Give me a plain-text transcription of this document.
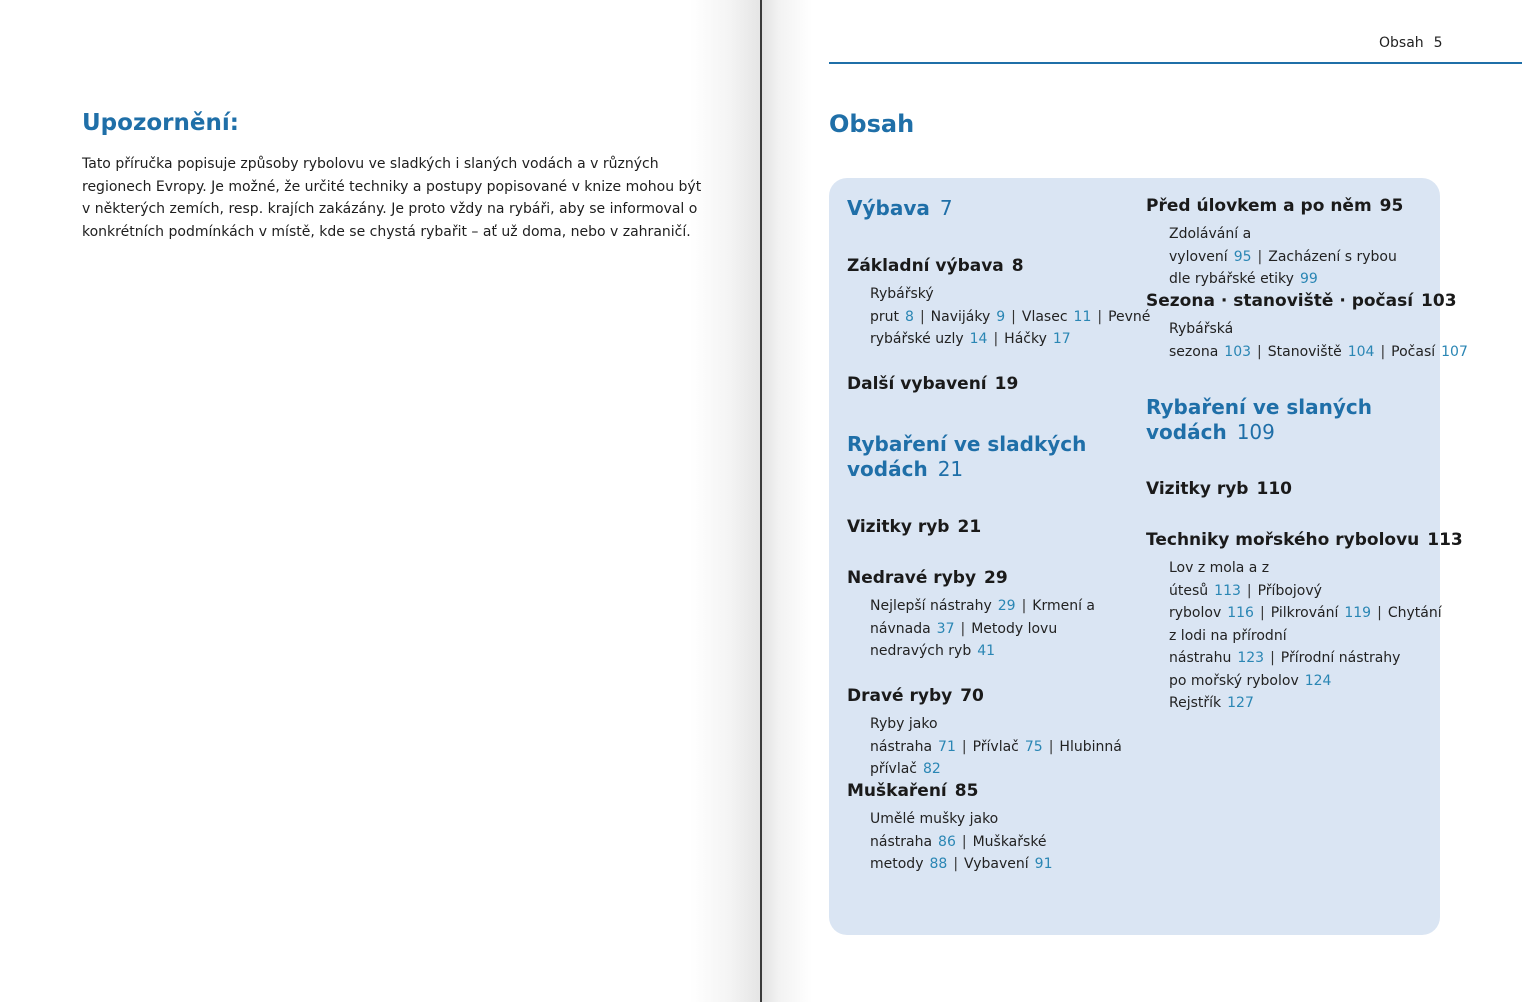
Upozornění:

Tato příručka popisuje způsoby rybolovu ve sladkých i slaných vodách a v různých regionech Evropy. Je možné, že určité techniky a postupy popisované v knize mohou být v některých zemích, resp. krajích zakázány. Je proto vždy na rybáři, aby se informoval o konkrétních podmínkách v místě, kde se chystá rybařit – ať už doma, nebo v zahraničí.

Obsah 5
Obsah
Výbava 7
Základní výbava 8
Rybářský prut 8 | Navijáky 9 | Vlasec 11 | Pevné rybářské uzly 14 | Háčky 17
Další vybavení 19
Rybaření ve sladkých
vodách 21
Vizitky ryb 21
Nedravé ryby 29
Nejlepší nástrahy 29 | Krmení a návnada 37 | Metody lovu nedravých ryb 41
Dravé ryby 70
Ryby jako nástraha 71 | Přívlač 75 | Hlubinná přívlač 82
Muškaření 85
Umělé mušky jako nástraha 86 | Muškařské metody 88 | Vybavení 91
Před úlovkem a po něm 95
Zdolávání a vylovení 95 | Zacházení s rybou dle rybářské etiky 99
Sezona · stanoviště · počasí 103
Rybářská sezona 103 | Stanoviště 104 | Počasí 107
Rybaření ve slaných
vodách 109
Vizitky ryb 110
Techniky mořského rybolovu 113
Lov z mola a z útesů 113 | Příbojový rybolov 116 | Pilkrování 119 | Chytání z lodi na přírodní nástrahu 123 | Přírodní nástrahy po mořský rybolov 124
Rejstřík 127
